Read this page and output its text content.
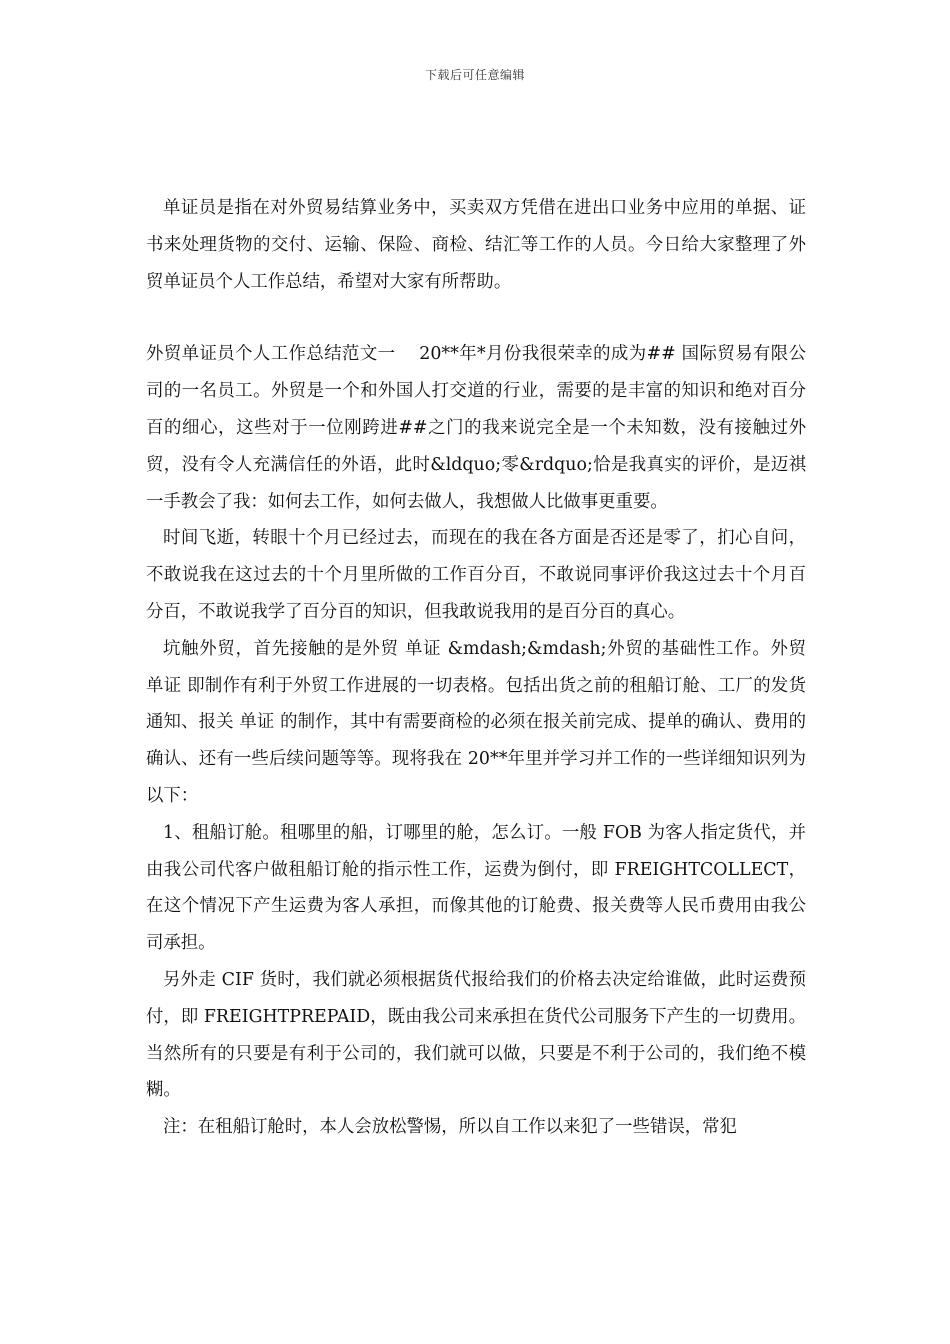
下载后可任意编辑

单证员是指在对外贸易结算业务中，买卖双方凭借在进出口业务中应用的单据、证书来处理货物的交付、运输、保险、商检、结汇等工作的人员。今日给大家整理了外贸单证员个人工作总结，希望对大家有所帮助。

外贸单证员个人工作总结范文一　 20**年*月份我很荣幸的成为## 国际贸易有限公司的一名员工。外贸是一个和外国人打交道的行业，需要的是丰富的知识和绝对百分百的细心，这些对于一位刚跨进##之门的我来说完全是一个未知数，没有接触过外贸，没有令人充满信任的外语，此时&ldquo;零&rdquo;恰是我真实的评价，是迈祺一手教会了我：如何去工作，如何去做人，我想做人比做事更重要。

时间飞逝，转眼十个月已经过去，而现在的我在各方面是否还是零了，扪心自问，不敢说我在这过去的十个月里所做的工作百分百，不敢说同事评价我这过去十个月百分百，不敢说我学了百分百的知识，但我敢说我用的是百分百的真心。

坑触外贸，首先接触的是外贸 单证 &mdash;&mdash;外贸的基础性工作。外贸 单证 即制作有利于外贸工作进展的一切表格。包括出货之前的租船订舱、工厂的发货通知、报关 单证 的制作，其中有需要商检的必须在报关前完成、提单的确认、费用的确认、还有一些后续问题等等。现将我在 20**年里并学习并工作的一些详细知识列为以下：

1、租船订舱。租哪里的船，订哪里的舱，怎么订。一般 FOB 为客人指定货代，并由我公司代客户做租船订舱的指示性工作，运费为倒付，即 FREIGHTCOLLECT，在这个情况下产生运费为客人承担，而像其他的订舱费、报关费等人民币费用由我公司承担。

另外走 CIF 货时，我们就必须根据货代报给我们的价格去决定给谁做，此时运费预付，即 FREIGHTPREPAID，既由我公司来承担在货代公司服务下产生的一切费用。当然所有的只要是有利于公司的，我们就可以做，只要是不利于公司的，我们绝不模糊。

注：在租船订舱时，本人会放松警惕，所以自工作以来犯了一些错误，常犯
